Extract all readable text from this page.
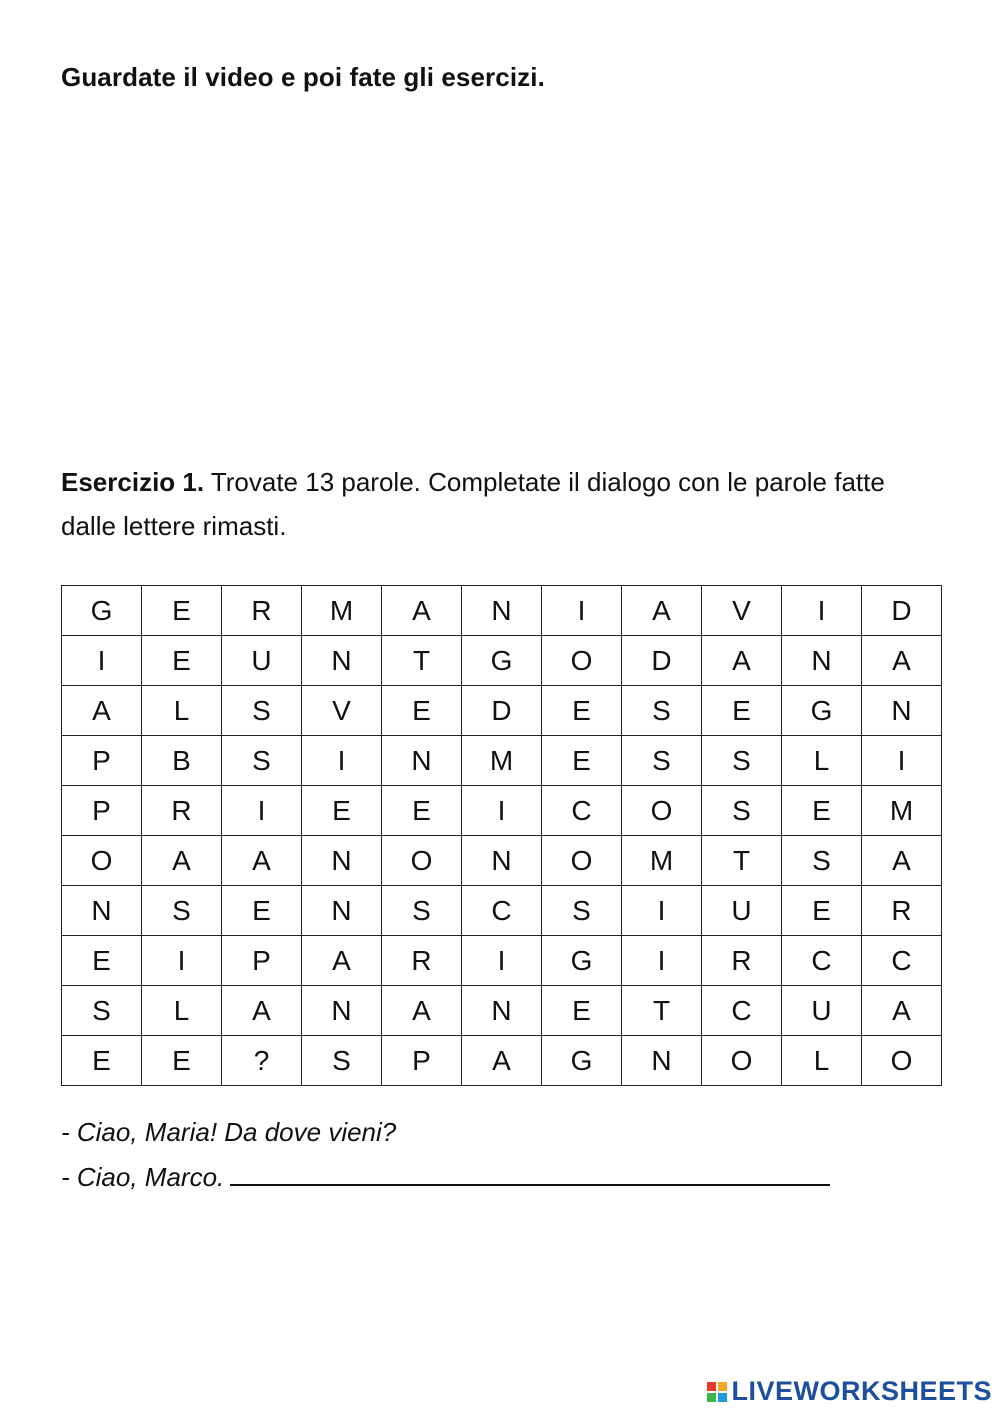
Guardate il video e poi fate gli esercizi.
Esercizio 1. Trovate 13 parole. Completate il dialogo con le parole fatte dalle lettere rimasti.
G	E	R	M	A	N	I	A	V	I	D
I	E	U	N	T	G	O	D	A	N	A
A	L	S	V	E	D	E	S	E	G	N
P	B	S	I	N	M	E	S	S	L	I
P	R	I	E	E	I	C	O	S	E	M
O	A	A	N	O	N	O	M	T	S	A
N	S	E	N	S	C	S	I	U	E	R
E	I	P	A	R	I	G	I	R	C	C
S	L	A	N	A	N	E	T	C	U	A
E	E	?	S	P	A	G	N	O	L	O
- Ciao, Maria! Da dove vieni?
- Ciao, Marco.
LIVEWORKSHEETS
